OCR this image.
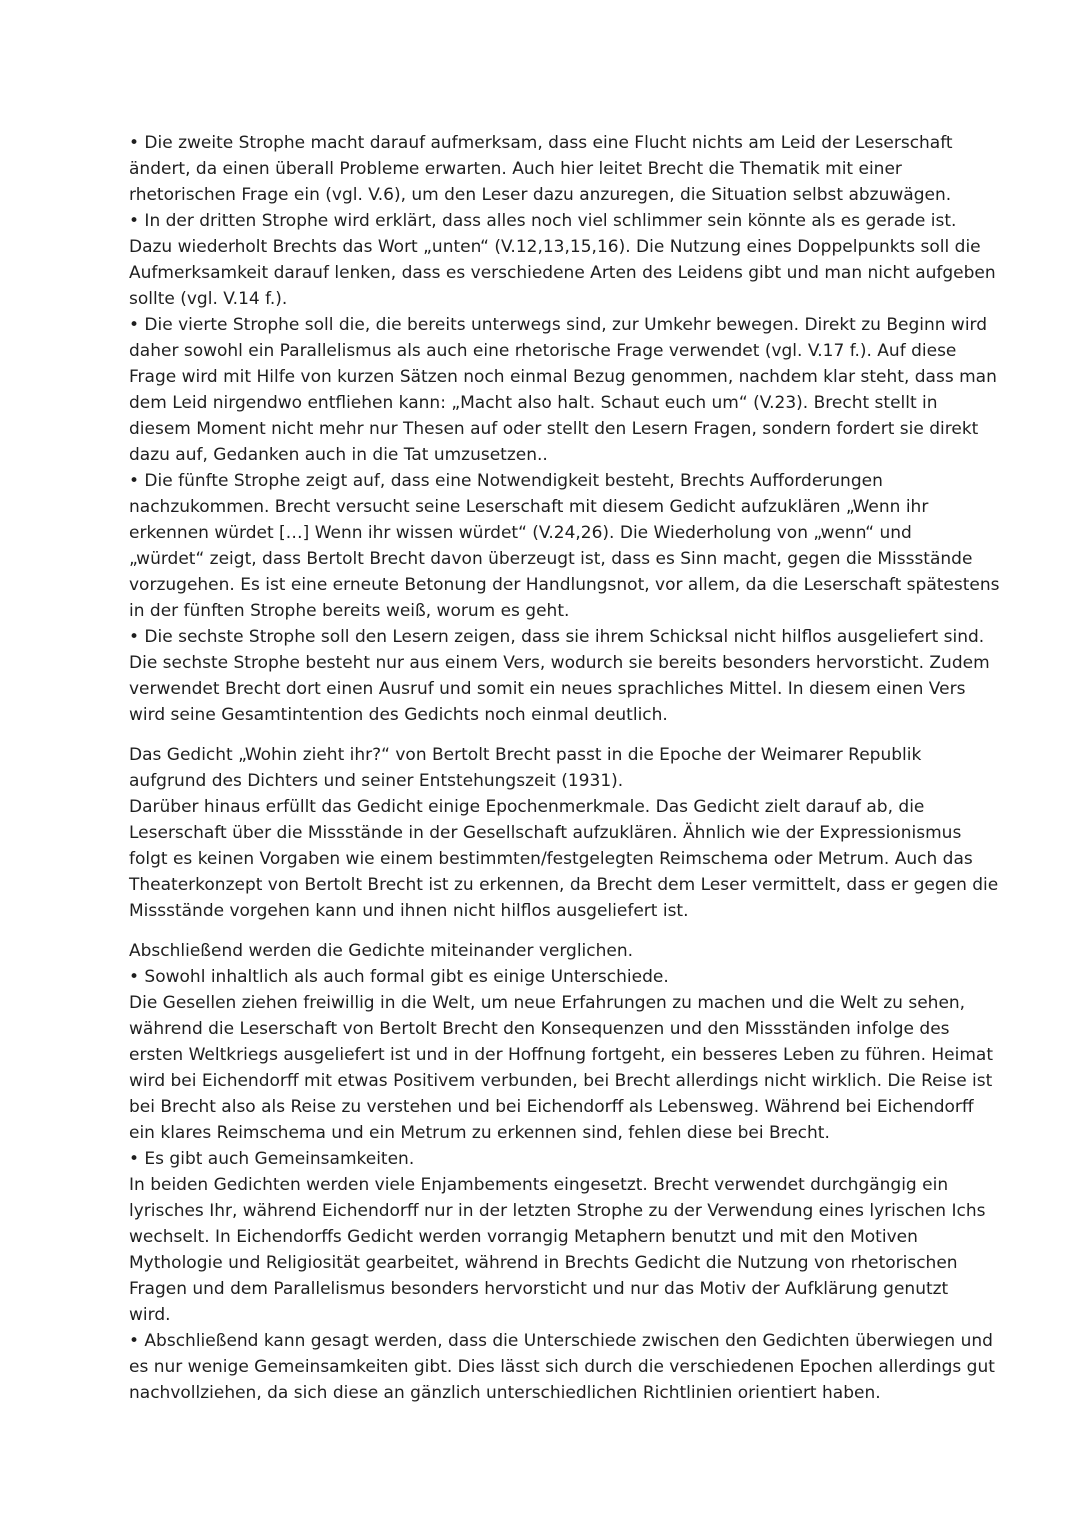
• Die zweite Strophe macht darauf aufmerksam, dass eine Flucht nichts am Leid der Leserschaft
ändert, da einen überall Probleme erwarten. Auch hier leitet Brecht die Thematik mit einer
rhetorischen Frage ein (vgl. V.6), um den Leser dazu anzuregen, die Situation selbst abzuwägen.
• In der dritten Strophe wird erklärt, dass alles noch viel schlimmer sein könnte als es gerade ist.
Dazu wiederholt Brechts das Wort „unten“ (V.12,13,15,16). Die Nutzung eines Doppelpunkts soll die
Aufmerksamkeit darauf lenken, dass es verschiedene Arten des Leidens gibt und man nicht aufgeben
sollte (vgl. V.14 f.).
• Die vierte Strophe soll die, die bereits unterwegs sind, zur Umkehr bewegen. Direkt zu Beginn wird
daher sowohl ein Parallelismus als auch eine rhetorische Frage verwendet (vgl. V.17 f.). Auf diese
Frage wird mit Hilfe von kurzen Sätzen noch einmal Bezug genommen, nachdem klar steht, dass man
dem Leid nirgendwo entfliehen kann: „Macht also halt. Schaut euch um“ (V.23). Brecht stellt in
diesem Moment nicht mehr nur Thesen auf oder stellt den Lesern Fragen, sondern fordert sie direkt
dazu auf, Gedanken auch in die Tat umzusetzen..
• Die fünfte Strophe zeigt auf, dass eine Notwendigkeit besteht, Brechts Aufforderungen
nachzukommen. Brecht versucht seine Leserschaft mit diesem Gedicht aufzuklären „Wenn ihr
erkennen würdet […] Wenn ihr wissen würdet“ (V.24,26). Die Wiederholung von „wenn“ und
„würdet“ zeigt, dass Bertolt Brecht davon überzeugt ist, dass es Sinn macht, gegen die Missstände
vorzugehen. Es ist eine erneute Betonung der Handlungsnot, vor allem, da die Leserschaft spätestens
in der fünften Strophe bereits weiß, worum es geht.
• Die sechste Strophe soll den Lesern zeigen, dass sie ihrem Schicksal nicht hilflos ausgeliefert sind.
Die sechste Strophe besteht nur aus einem Vers, wodurch sie bereits besonders hervorsticht. Zudem
verwendet Brecht dort einen Ausruf und somit ein neues sprachliches Mittel. In diesem einen Vers
wird seine Gesamtintention des Gedichts noch einmal deutlich.
Das Gedicht „Wohin zieht ihr?“ von Bertolt Brecht passt in die Epoche der Weimarer Republik
aufgrund des Dichters und seiner Entstehungszeit (1931).
Darüber hinaus erfüllt das Gedicht einige Epochenmerkmale. Das Gedicht zielt darauf ab, die
Leserschaft über die Missstände in der Gesellschaft aufzuklären. Ähnlich wie der Expressionismus
folgt es keinen Vorgaben wie einem bestimmten/festgelegten Reimschema oder Metrum. Auch das
Theaterkonzept von Bertolt Brecht ist zu erkennen, da Brecht dem Leser vermittelt, dass er gegen die
Missstände vorgehen kann und ihnen nicht hilflos ausgeliefert ist.
Abschließend werden die Gedichte miteinander verglichen.
• Sowohl inhaltlich als auch formal gibt es einige Unterschiede.
Die Gesellen ziehen freiwillig in die Welt, um neue Erfahrungen zu machen und die Welt zu sehen,
während die Leserschaft von Bertolt Brecht den Konsequenzen und den Missständen infolge des
ersten Weltkriegs ausgeliefert ist und in der Hoffnung fortgeht, ein besseres Leben zu führen. Heimat
wird bei Eichendorff mit etwas Positivem verbunden, bei Brecht allerdings nicht wirklich. Die Reise ist
bei Brecht also als Reise zu verstehen und bei Eichendorff als Lebensweg. Während bei Eichendorff
ein klares Reimschema und ein Metrum zu erkennen sind, fehlen diese bei Brecht.
• Es gibt auch Gemeinsamkeiten.
In beiden Gedichten werden viele Enjambements eingesetzt. Brecht verwendet durchgängig ein
lyrisches Ihr, während Eichendorff nur in der letzten Strophe zu der Verwendung eines lyrischen Ichs
wechselt. In Eichendorffs Gedicht werden vorrangig Metaphern benutzt und mit den Motiven
Mythologie und Religiosität gearbeitet, während in Brechts Gedicht die Nutzung von rhetorischen
Fragen und dem Parallelismus besonders hervorsticht und nur das Motiv der Aufklärung genutzt
wird.
• Abschließend kann gesagt werden, dass die Unterschiede zwischen den Gedichten überwiegen und
es nur wenige Gemeinsamkeiten gibt. Dies lässt sich durch die verschiedenen Epochen allerdings gut
nachvollziehen, da sich diese an gänzlich unterschiedlichen Richtlinien orientiert haben.
